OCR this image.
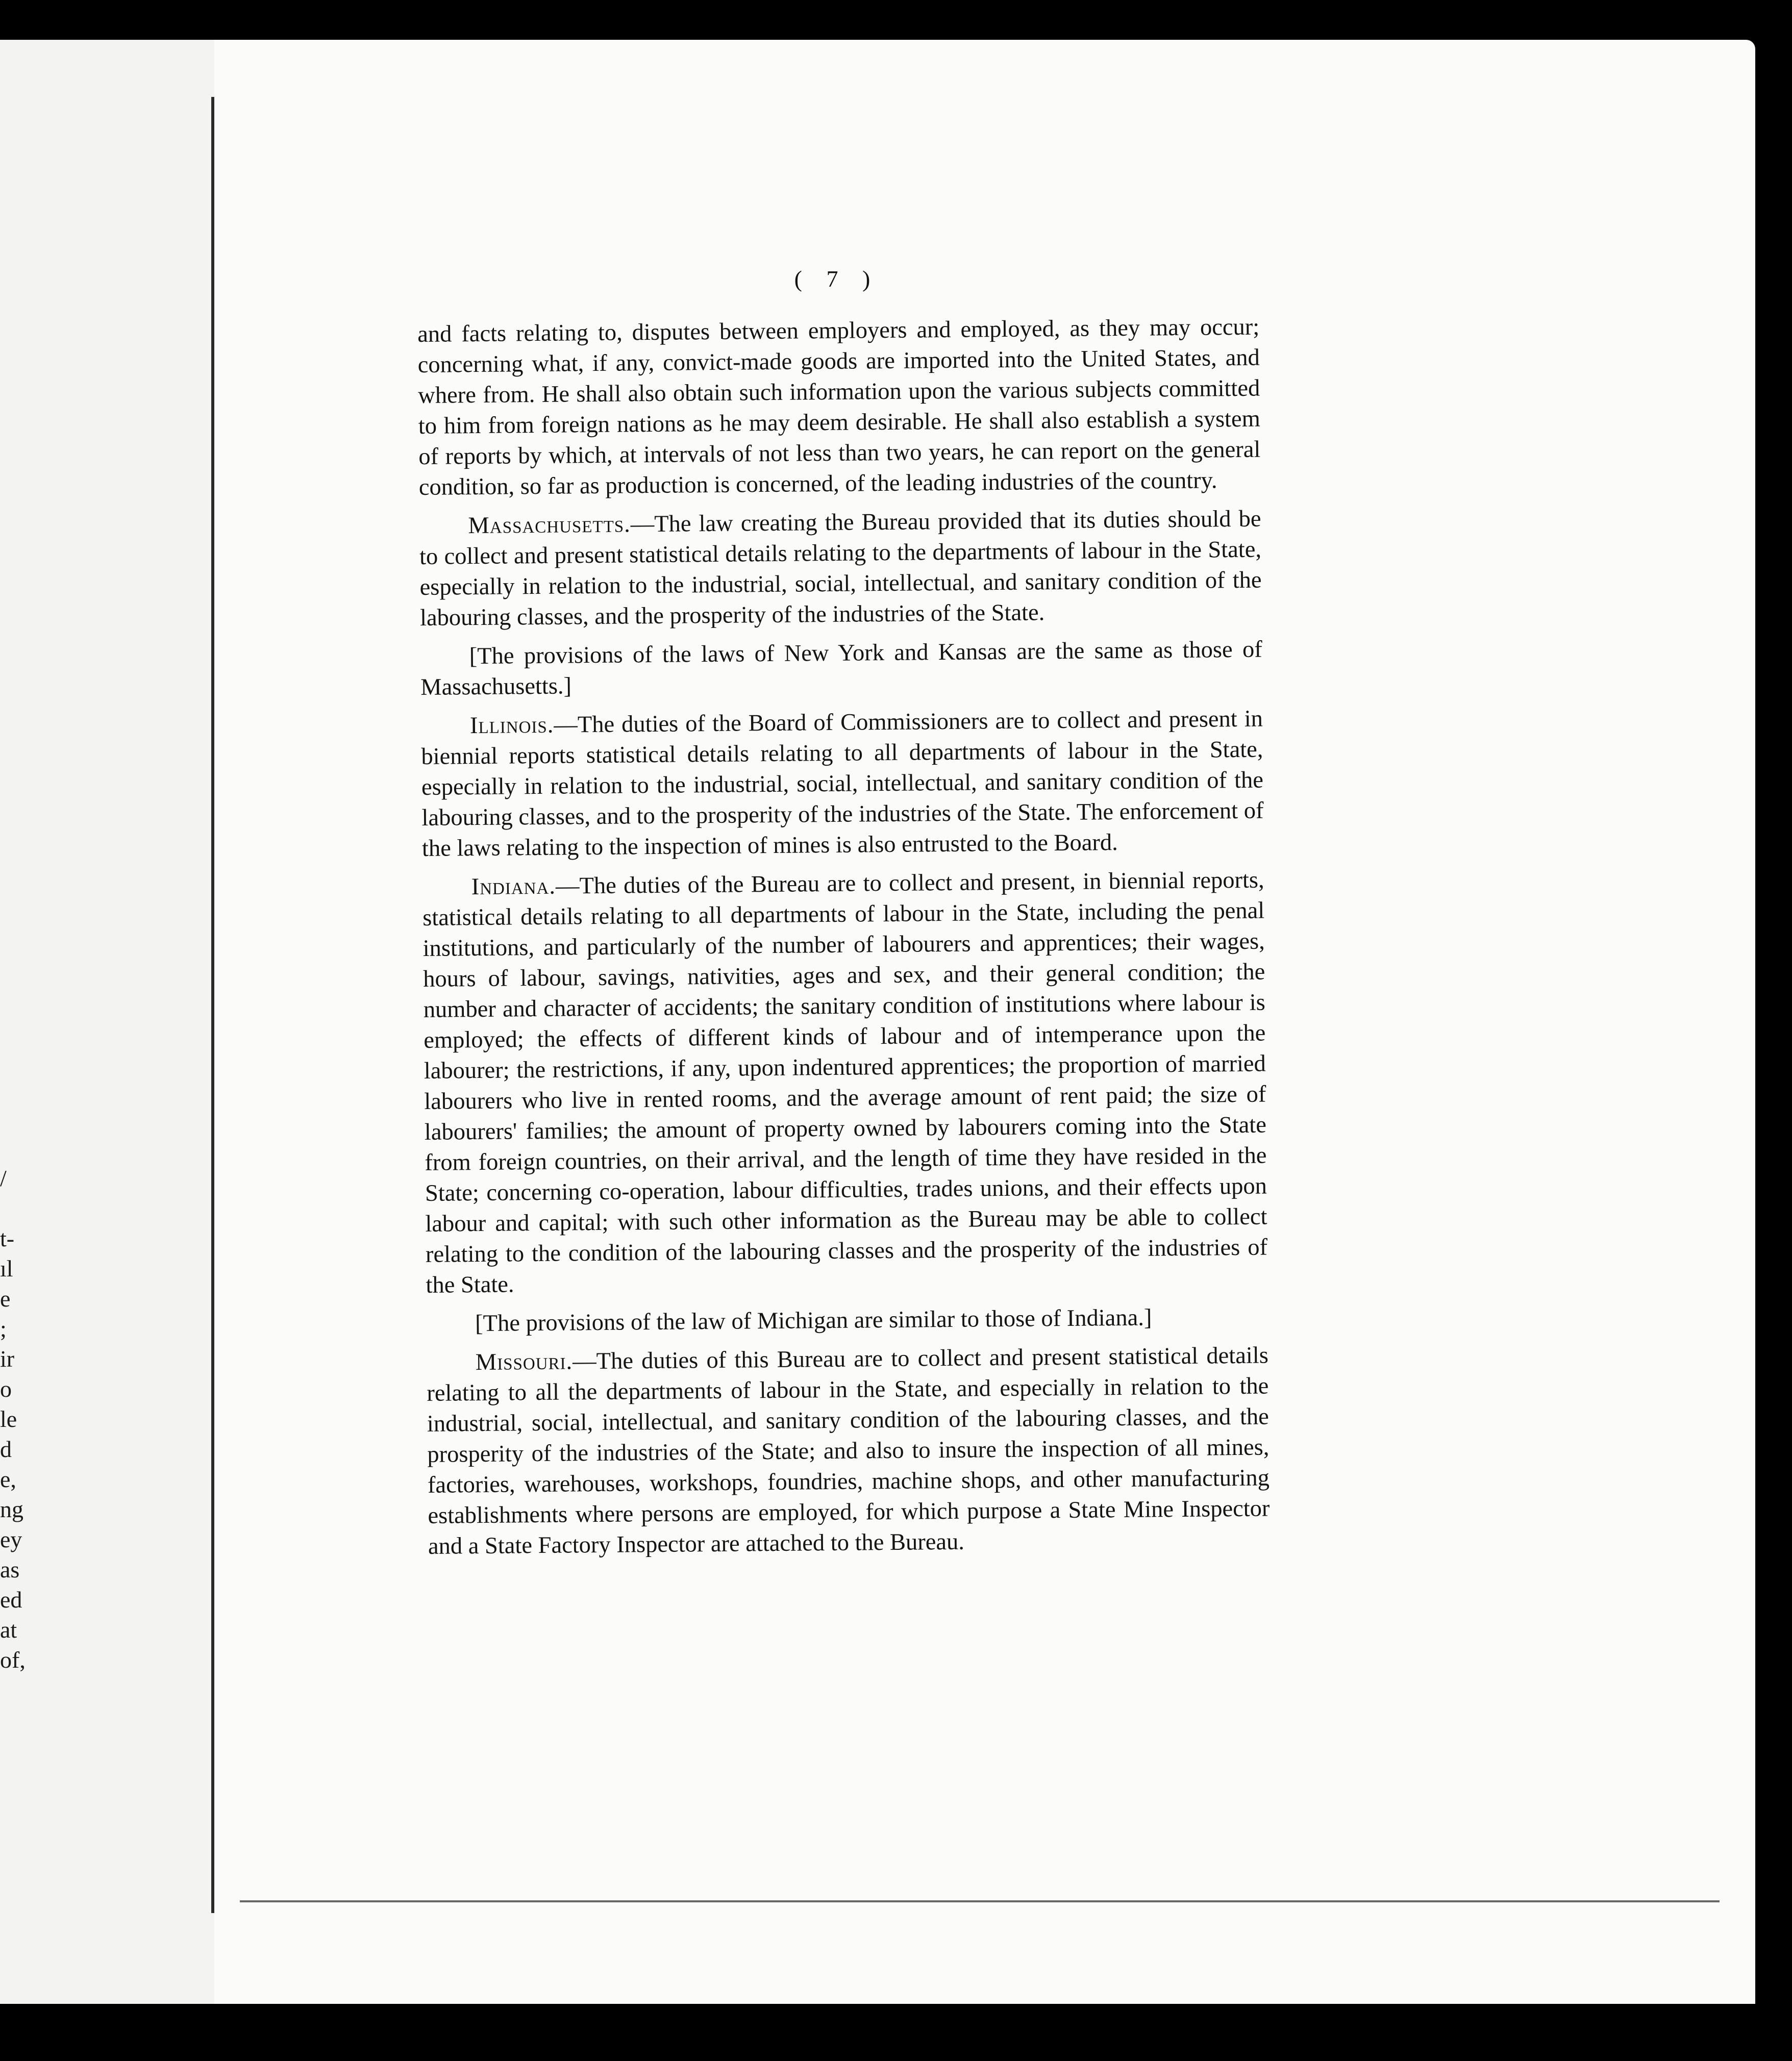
/
t-
ıl
e
;
ir
o
le
d
e,
ng
ey
as
ed
at
of,
( 7 )

and facts relating to, disputes between employers and employed, as they may occur; concerning what, if any, convict-made goods are imported into the United States, and where from. He shall also obtain such information upon the various subjects committed to him from foreign nations as he may deem desirable. He shall also establish a system of reports by which, at intervals of not less than two years, he can report on the general condition, so far as production is concerned, of the leading industries of the country.

Massachusetts.—The law creating the Bureau provided that its duties should be to collect and present statistical details relating to the departments of labour in the State, especially in relation to the industrial, social, intellectual, and sanitary condition of the labouring classes, and the prosperity of the industries of the State.

[The provisions of the laws of New York and Kansas are the same as those of Massachusetts.]

Illinois.—The duties of the Board of Commissioners are to collect and present in biennial reports statistical details relating to all departments of labour in the State, especially in relation to the industrial, social, intellectual, and sanitary condition of the labouring classes, and to the prosperity of the industries of the State. The enforcement of the laws relating to the inspection of mines is also entrusted to the Board.

Indiana.—The duties of the Bureau are to collect and present, in biennial reports, statistical details relating to all departments of labour in the State, including the penal institutions, and particularly of the number of labourers and apprentices; their wages, hours of labour, savings, nativities, ages and sex, and their general condition; the number and character of accidents; the sanitary condition of institutions where labour is employed; the effects of different kinds of labour and of intemperance upon the labourer; the restrictions, if any, upon indentured apprentices; the proportion of married labourers who live in rented rooms, and the average amount of rent paid; the size of labourers' families; the amount of property owned by labourers coming into the State from foreign countries, on their arrival, and the length of time they have resided in the State; concerning co-operation, labour difficulties, trades unions, and their effects upon labour and capital; with such other information as the Bureau may be able to collect relating to the condition of the labouring classes and the prosperity of the industries of the State.

[The provisions of the law of Michigan are similar to those of Indiana.]

Missouri.—The duties of this Bureau are to collect and present statistical details relating to all the departments of labour in the State, and especially in relation to the industrial, social, intellectual, and sanitary condition of the labouring classes, and the prosperity of the industries of the State; and also to insure the inspection of all mines, factories, warehouses, workshops, foundries, machine shops, and other manufacturing establishments where persons are employed, for which purpose a State Mine Inspector and a State Factory Inspector are attached to the Bureau.
